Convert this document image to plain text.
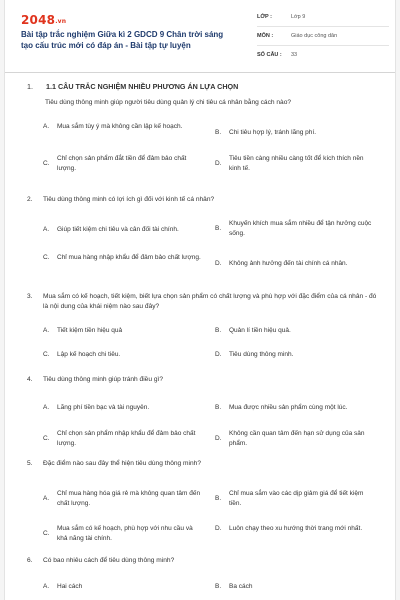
2048.vn
Bài tập trắc nghiệm Giữa kì 2 GDCD 9 Chân trời sáng tạo cấu trúc mới có đáp án - Bài tập tự luyện
LỚP :	Lớp 9
MÔN :	Giáo dục công dân
SỐ CÂU :	33
1. 1.1 CÂU TRẮC NGHIỆM NHIỀU PHƯƠNG ÁN LỰA CHỌN
Tiêu dùng thông minh giúp người tiêu dùng quản lý chi tiêu cá nhân bằng cách nào?
A.	Mua sắm tùy ý mà không cần lập kế hoạch.
B.	Chi tiêu hợp lý, tránh lãng phí.
C.
Chỉ chọn sản phẩm đắt tiền để đảm bảo chất lượng.
D.
Tiêu tiền càng nhiều càng tốt để kích thích nền kinh tế.
2.	Tiêu dùng thông minh có lợi ích gì đối với kinh tế cá nhân?
A.	Giúp tiết kiệm chi tiêu và cân đối tài chính.	B.
Khuyến khích mua sắm nhiều để tận hưởng cuộc sống.
C.	Chỉ mua hàng nhập khẩu để đảm bảo chất lượng.
D.	Không ảnh hưởng đến tài chính cá nhân.
3.	Mua sắm có kế hoạch, tiết kiệm, biết lựa chọn sản phẩm có chất lượng và phù hợp với đặc điểm của cá nhân - đó là nội dung của khái niệm nào sau đây?
A.	Tiết kiệm tiền hiệu quả	B.	Quản lí tiền hiệu quả.
C.	Lập kế hoạch chi tiêu.	D.	Tiêu dùng thông minh.
4.	Tiêu dùng thông minh giúp tránh điều gì?
A.	Lãng phí tiền bạc và tài nguyên.	B.	Mua được nhiều sản phẩm cùng một lúc.
C.
Chỉ chọn sản phẩm nhập khẩu để đảm bảo chất lượng.
D.
Không cần quan tâm đến hạn sử dụng của sản phẩm.
5.	Đặc điểm nào sau đây thể hiện tiêu dùng thông minh?
A.
Chỉ mua hàng hóa giá rẻ mà không quan tâm đến chất lượng.
B.
Chỉ mua sắm vào các dịp giảm giá để tiết kiệm tiền.
C.
Mua sắm có kế hoạch, phù hợp với nhu cầu và khả năng tài chính.
D.	Luôn chạy theo xu hướng thời trang mới nhất.
6.	Có bao nhiêu cách để tiêu dùng thông minh?
A.	Hai cách	B.	Ba cách
